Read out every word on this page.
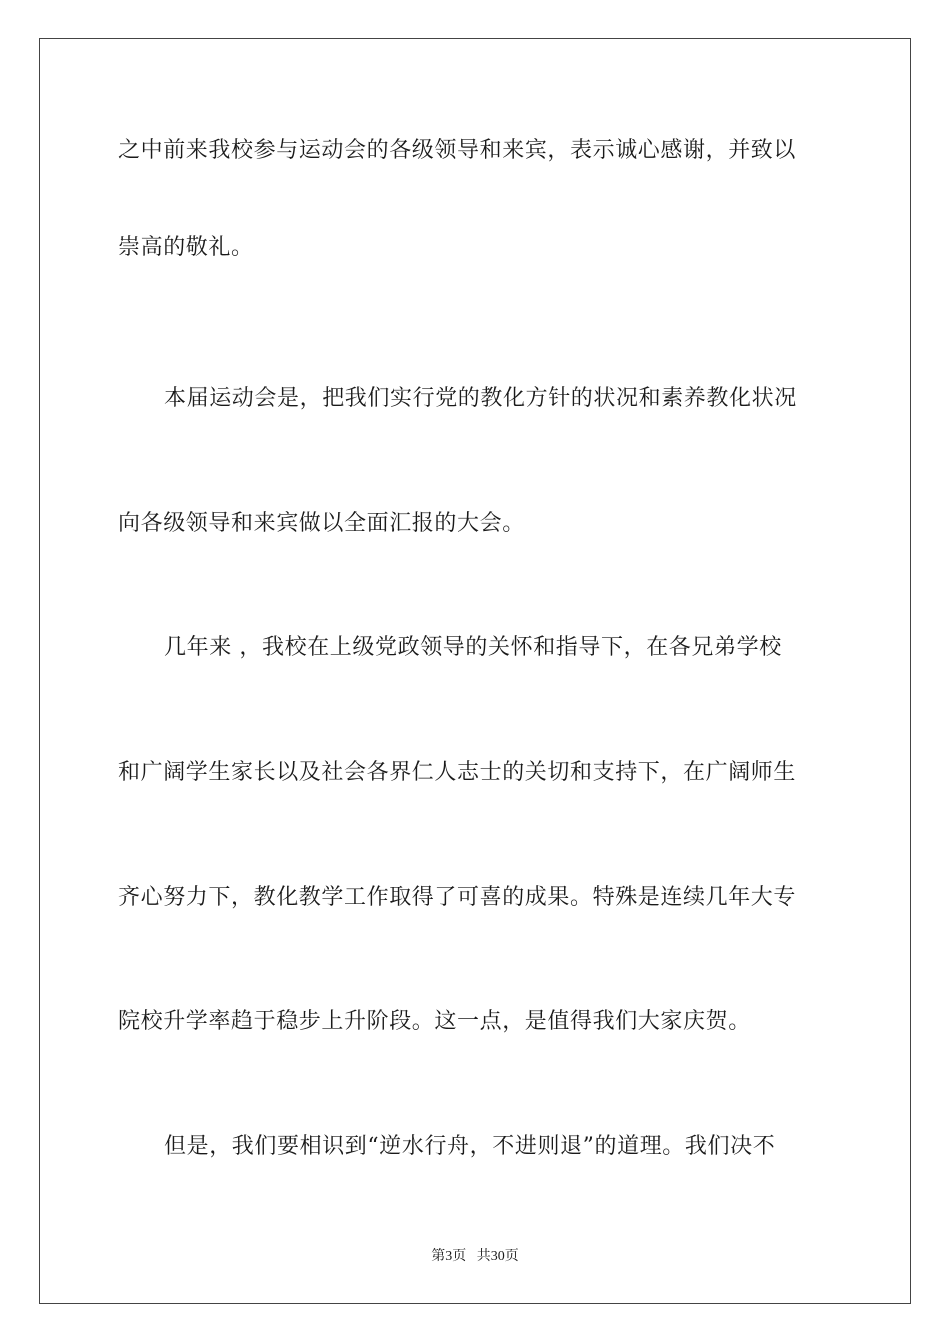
之中前来我校参与运动会的各级领导和来宾，表示诚心感谢，并致以
崇高的敬礼。
本届运动会是，把我们实行党的教化方针的状况和素养教化状况
向各级领导和来宾做以全面汇报的大会。
几年来 ，我校在上级党政领导的关怀和指导下，在各兄弟学校
和广阔学生家长以及社会各界仁人志士的关切和支持下，在广阔师生
齐心努力下，教化教学工作取得了可喜的成果。特殊是连续几年大专
院校升学率趋于稳步上升阶段。这一点，是值得我们大家庆贺。
但是，我们要相识到“逆水行舟，不进则退”的道理。我们决不
第3页 共30页
